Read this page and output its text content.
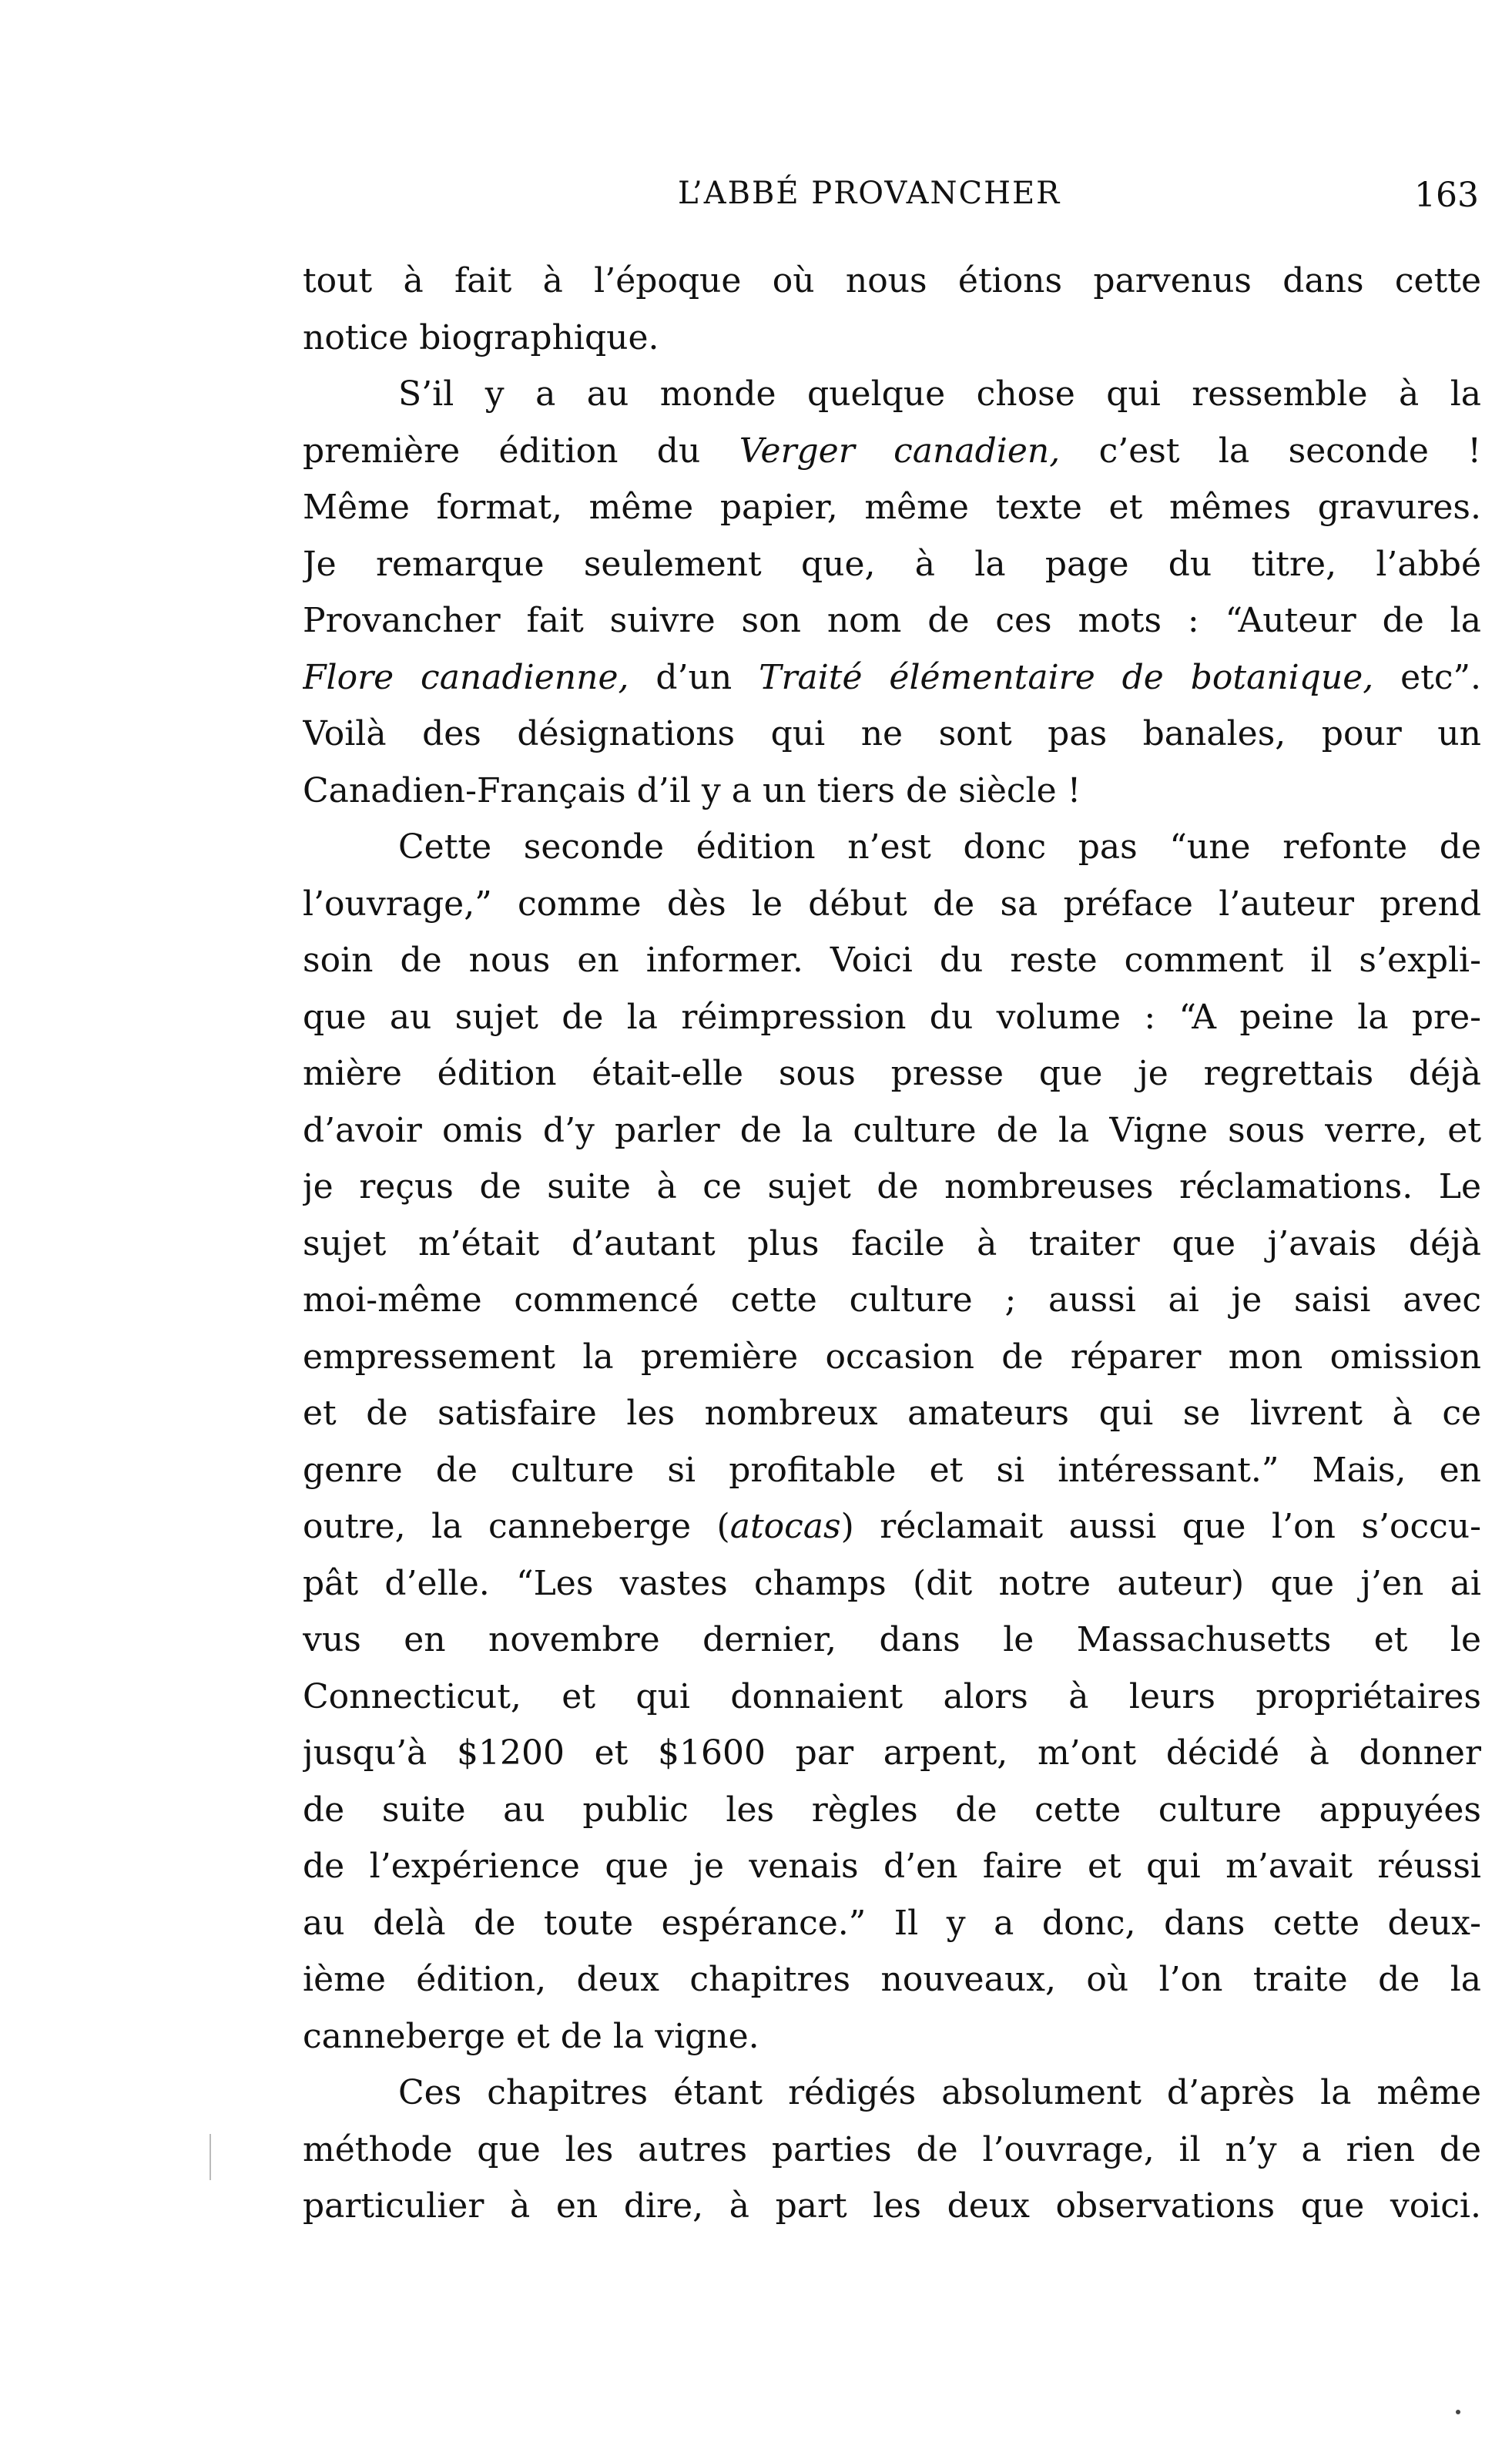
L’ABBÉ PROVANCHER	163
tout à fait à l’époque où nous étions parvenus dans cette
notice biographique.
S’il y a au monde quelque chose qui ressemble à la
première édition du Verger canadien, c’est la seconde !
Même format, même papier, même texte et mêmes gravures.
Je remarque seulement que, à la page du titre, l’abbé
Provancher fait suivre son nom de ces mots : “Auteur de la
Flore canadienne, d’un Traité élémentaire de botanique, etc”.
Voilà des désignations qui ne sont pas banales, pour un
Canadien-Français d’il y a un tiers de siècle !
Cette seconde édition n’est donc pas “une refonte de
l’ouvrage,” comme dès le début de sa préface l’auteur prend
soin de nous en informer. Voici du reste comment il s’expli-
que au sujet de la réimpression du volume : “A peine la pre-
mière édition était-elle sous presse que je regrettais déjà
d’avoir omis d’y parler de la culture de la Vigne sous verre, et
je reçus de suite à ce sujet de nombreuses réclamations. Le
sujet m’était d’autant plus facile à traiter que j’avais déjà
moi-même commencé cette culture ; aussi ai je saisi avec
empressement la première occasion de réparer mon omission
et de satisfaire les nombreux amateurs qui se livrent à ce
genre de culture si profitable et si intéressant.” Mais, en
outre, la canneberge (atocas) réclamait aussi que l’on s’occu-
pât d’elle. “Les vastes champs (dit notre auteur) que j’en ai
vus en novembre dernier, dans le Massachusetts et le
Connecticut, et qui donnaient alors à leurs propriétaires
jusqu’à $1200 et $1600 par arpent, m’ont décidé à donner
de suite au public les règles de cette culture appuyées
de l’expérience que je venais d’en faire et qui m’avait réussi
au delà de toute espérance.” Il y a donc, dans cette deux-
ième édition, deux chapitres nouveaux, où l’on traite de la
canneberge et de la vigne.
Ces chapitres étant rédigés absolument d’après la même
méthode que les autres parties de l’ouvrage, il n’y a rien de
particulier à en dire, à part les deux observations que voici.
